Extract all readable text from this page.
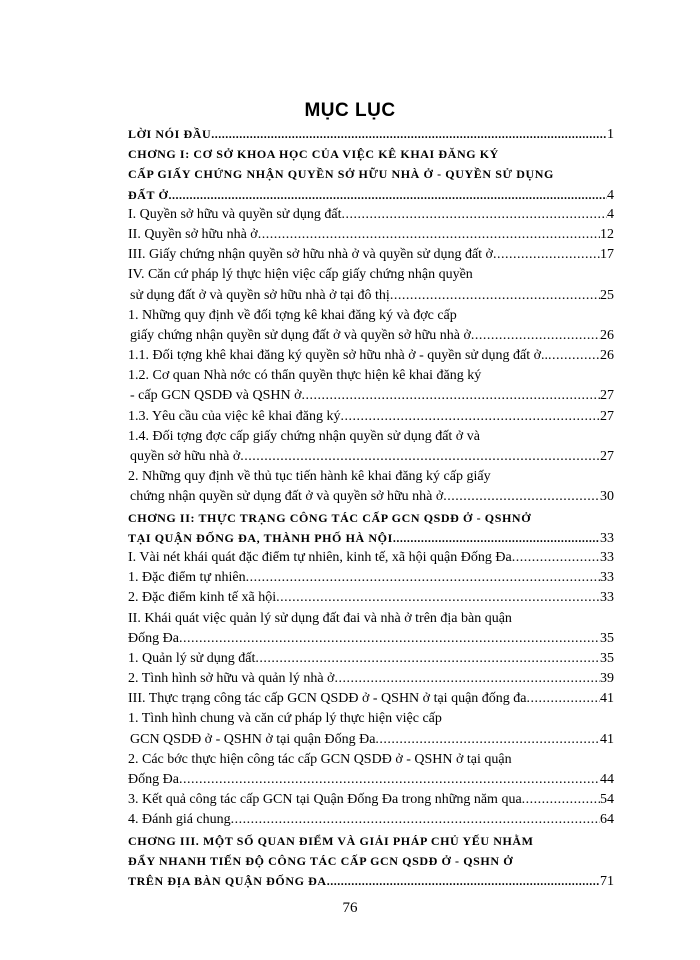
MỤC LỤC
LỜI NÓI ĐẦU .....	1
CHƠNG I: CƠ SỞ KHOA HỌC CỦA VIỆC KÊ KHAI ĐĂNG KÝ
CẤP GIẤY CHỨNG NHẬN QUYỀN SỞ HỮU NHÀ Ở - QUYỀN SỬ DỤNG
ĐẤT Ở .....	4
I. Quyền sở hữu và quyền sử dụng đất .....	4
II. Quyền sở hữu nhà ở .....	12
III. Giấy chứng nhận quyền sở hữu nhà ở và quyền sử dụng đất ở .....	17
IV. Căn cứ pháp lý thực hiện việc cấp giấy chứng nhận quyền
sử dụng đất ở và quyền sở hữu nhà ở tại đô thị .....	25
1. Những quy định về đối tợng kê khai đăng ký và đợc cấp
giấy chứng nhận quyền sử dụng đất ở và quyền sở hữu nhà ở .....	26
1.1. Đối tợng khê khai đăng ký quyền sở hữu nhà ở - quyền sử dụng đất ở.. .....	26
1.2. Cơ quan Nhà nớc có thẩn quyền thực hiện kê khai đăng ký
- cấp GCN QSDĐ và QSHN ở .....	27
1.3. Yêu cầu của việc kê khai đăng ký .....	27
1.4. Đối tợng đợc cấp giấy chứng nhận quyền sử dụng đất ở và
quyền sở hữu nhà ở .....	27
2. Những quy định về thủ tục tiến hành kê khai đăng ký cấp giấy
chứng nhận quyền sử dụng đất ở và quyền sở hữu nhà ở .....	30
CHƠNG II: THỰC TRẠNG CÔNG TÁC CẤP GCN QSDĐ Ở - QSHNỞ
TẠI QUẬN ĐỐNG ĐA, THÀNH PHỐ HÀ NỘI .....	33
I. Vài nét khái quát đặc điểm tự nhiên, kinh tế, xã hội quận Đống Đa .....	33
1. Đặc điểm tự nhiên .....	33
2. Đặc điểm kinh tế xã hội .....	33
II. Khái quát việc quản lý sử dụng đất đai và nhà ở trên địa bàn quận
Đống Đa .....	35
1. Quản lý sử dụng đất .....	35
2. Tình hình sở hữu và quản lý nhà ở .....	39
III. Thực trạng công tác cấp GCN QSDĐ ở - QSHN ở tại quận đống đa .....	41
1. Tình hình chung và căn cứ pháp lý thực hiện việc cấp
GCN QSDĐ ở - QSHN ở tại quận Đống Đa .....	41
2. Các bớc thực hiện công tác cấp GCN QSDĐ ở - QSHN ở tại quận
Đống Đa .....	44
3. Kết quả công tác cấp GCN tại Quận Đống Đa trong những năm qua .....	54
4. Đánh giá chung .....	64
CHƠNG III. MỘT SỐ QUAN ĐIỂM VÀ GIẢI PHÁP CHỦ YẾU NHẰM
ĐẨY NHANH TIẾN ĐỘ CÔNG TÁC CẤP GCN QSDĐ Ở - QSHN Ở
TRÊN ĐỊA BÀN QUẬN ĐỐNG ĐA .....	71
76
